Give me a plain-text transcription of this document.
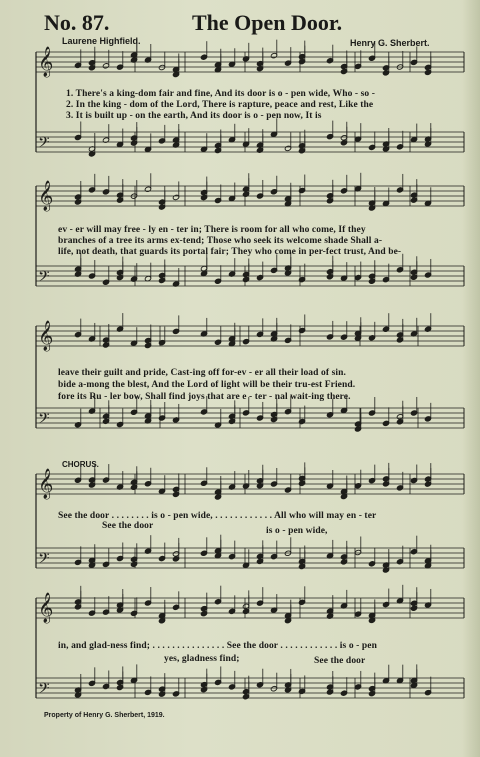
No. 87.	The Open Door.
Laurene Highfield.	Henry G. Sherbert.
𝄞
𝄢
𝄞
𝄢
𝄞
𝄢
𝄞
𝄢
𝄞
𝄢
1. There's a king-dom fair and fine, And its door is o - pen wide, Who - so -
2. In the king - dom of the Lord, There is rapture, peace and rest, Like the
3. It is built up - on the earth, And its door is o - pen now, It is
ev - er will may free - ly en - ter in; There is room for all who come, If they
branches of a tree its arms ex-tend; Those who seek its welcome shade Shall a-
life, not death, that guards its portal fair; They who come in per-fect trust, And be-
leave their guilt and pride, Cast-ing off for-ev - er all their load of sin.
bide a-mong the blest, And the Lord of light will be their tru-est Friend.
fore its Ru - ler bow, Shall find joys that are e - ter - nal wait-ing there.
CHORUS.
See the door . . . . . . . . is o - pen wide, . . . . . . . . . . . . All who will may en - ter
See the door	is o - pen wide,
in, and glad-ness find; . . . . . . . . . . . . . . . See the door . . . . . . . . . . . . is o - pen
yes, gladness find;	See the door
Property of Henry G. Sherbert, 1919.
